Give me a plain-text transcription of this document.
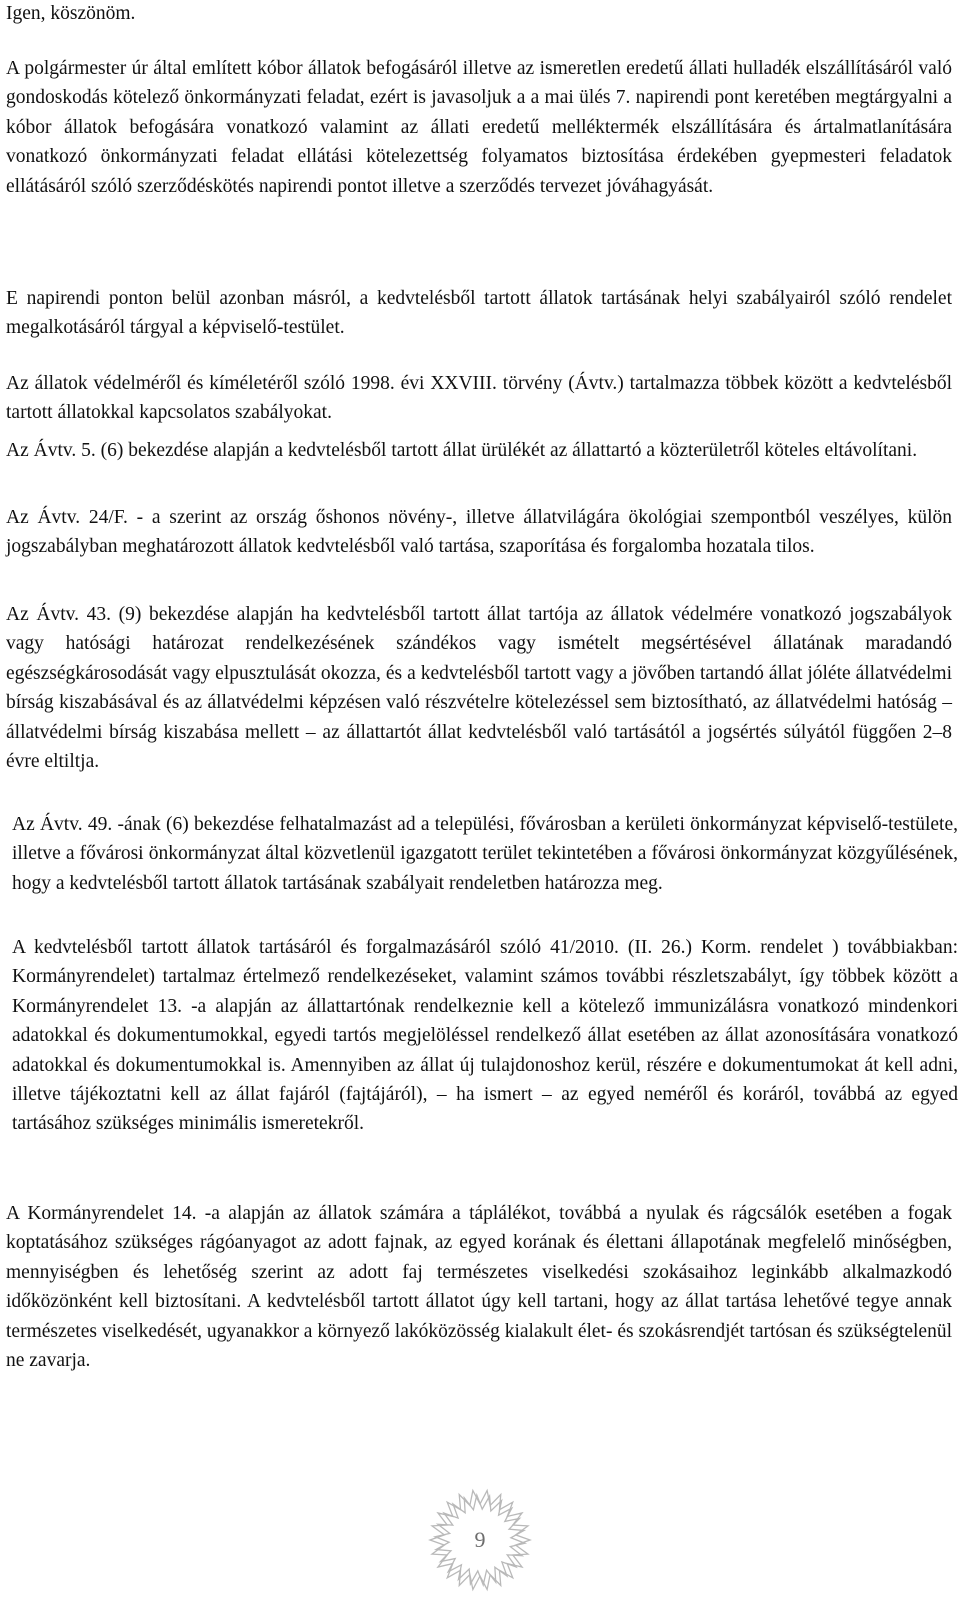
Igen, köszönöm.

A polgármester úr által említett kóbor állatok befogásáról illetve az ismeretlen eredetű állati hulladék elszállításáról való gondoskodás kötelező önkormányzati feladat, ezért is javasoljuk a a mai ülés 7. napirendi pont keretében megtárgyalni a kóbor állatok befogására vonatkozó valamint az állati eredetű melléktermék elszállítására és ártalmatlanítására vonatkozó önkormányzati feladat ellátási kötelezettség folyamatos biztosítása érdekében gyepmesteri feladatok ellátásáról szóló szerződéskötés napirendi pontot illetve a szerződés tervezet jóváhagyását.

E napirendi ponton belül azonban másról, a kedvtelésből tartott állatok tartásának helyi szabályairól szóló rendelet megalkotásáról tárgyal a képviselő-testület.

Az állatok védelméről és kíméletéről szóló 1998. évi XXVIII. törvény (Ávtv.) tartalmazza többek között a kedvtelésből tartott állatokkal kapcsolatos szabályokat.

Az Ávtv. 5. (6) bekezdése alapján a kedvtelésből tartott állat ürülékét az állattartó a közterületről köteles eltávolítani.

Az Ávtv. 24/F. - a szerint az ország őshonos növény-, illetve állatvilágára ökológiai szempontból veszélyes, külön jogszabályban meghatározott állatok kedvtelésből való tartása, szaporítása és forgalomba hozatala tilos.

Az Ávtv. 43. (9) bekezdése alapján ha kedvtelésből tartott állat tartója az állatok védelmére vonatkozó jogszabályok vagy hatósági határozat rendelkezésének szándékos vagy ismételt megsértésével állatának maradandó egészségkárosodását vagy elpusztulását okozza, és a kedvtelésből tartott vagy a jövőben tartandó állat jóléte állatvédelmi bírság kiszabásával és az állatvédelmi képzésen való részvételre kötelezéssel sem biztosítható, az állatvédelmi hatóság – állatvédelmi bírság kiszabása mellett – az állattartót állat kedvtelésből való tartásától a jogsértés súlyától függően 2–8 évre eltiltja.

Az Ávtv. 49. -ának (6) bekezdése felhatalmazást ad a települési, fővárosban a kerületi önkormányzat képviselő-testülete, illetve a fővárosi önkormányzat által közvetlenül igazgatott terület tekintetében a fővárosi önkormányzat közgyűlésének, hogy a kedvtelésből tartott állatok tartásának szabályait rendeletben határozza meg.

A kedvtelésből tartott állatok tartásáról és forgalmazásáról szóló 41/2010. (II. 26.) Korm. rendelet ) továbbiakban: Kormányrendelet) tartalmaz értelmező rendelkezéseket, valamint számos további részletszabályt, így többek között a Kormányrendelet 13. -a alapján az állattartónak rendelkeznie kell a kötelező immunizálásra vonatkozó mindenkori adatokkal és dokumentumokkal, egyedi tartós megjelöléssel rendelkező állat esetében az állat azonosítására vonatkozó adatokkal és dokumentumokkal is. Amennyiben az állat új tulajdonoshoz kerül, részére e dokumentumokat át kell adni, illetve tájékoztatni kell az állat fajáról (fajtájáról), – ha ismert – az egyed neméről és koráról, továbbá az egyed tartásához szükséges minimális ismeretekről.

A Kormányrendelet 14. -a alapján az állatok számára a táplálékot, továbbá a nyulak és rágcsálók esetében a fogak koptatásához szükséges rágóanyagot az adott fajnak, az egyed korának és élettani állapotának megfelelő minőségben, mennyiségben és lehetőség szerint az adott faj természetes viselkedési szokásaihoz leginkább alkalmazkodó időközönként kell biztosítani. A kedvtelésből tartott állatot úgy kell tartani, hogy az állat tartása lehetővé tegye annak természetes viselkedését, ugyanakkor a környező lakóközösség kialakult élet- és szokásrendjét tartósan és szükségtelenül ne zavarja.

9
